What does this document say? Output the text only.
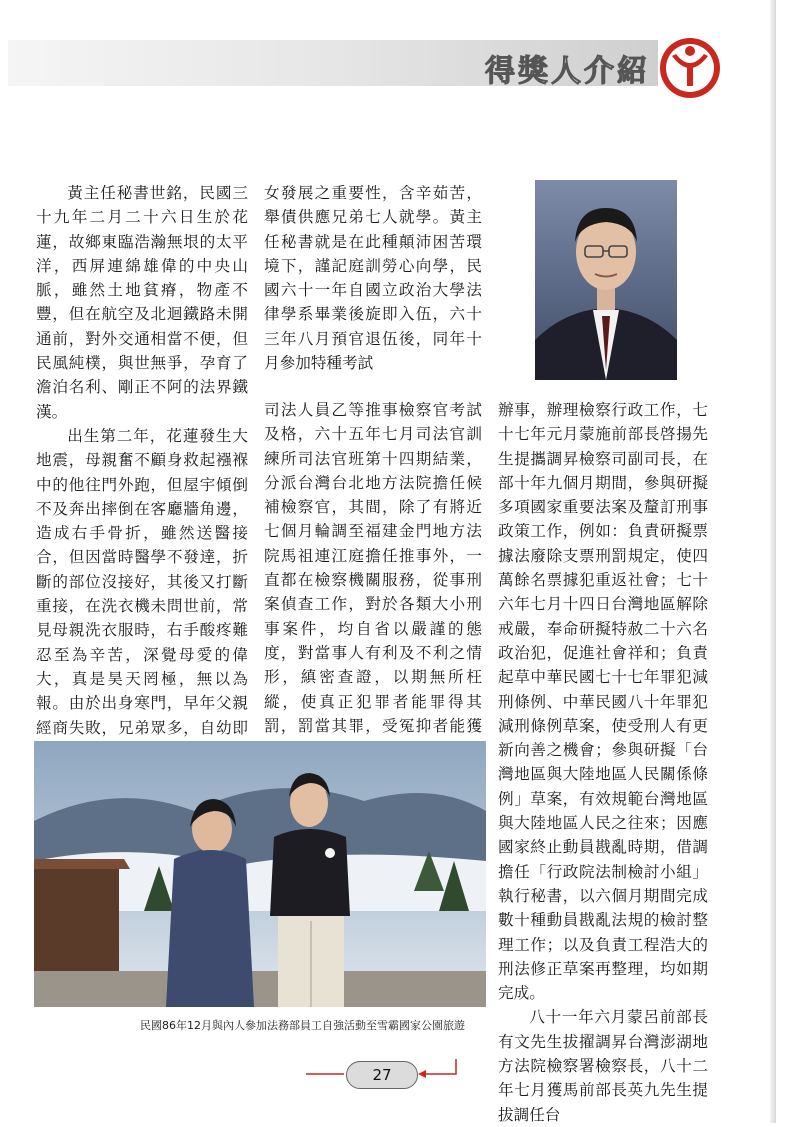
得獎人介紹

黃主任秘書世銘，民國三十九年二月二十六日生於花蓮，故鄉東臨浩瀚無垠的太平洋，西屏連綿雄偉的中央山脈，雖然土地貧瘠，物產不豐，但在航空及北迴鐵路未開通前，對外交通相當不便，但民風純樸，與世無爭，孕育了澹泊名利、剛正不阿的法界鐵漢。

出生第二年，花蓮發生大地震，母親奮不顧身救起襁褓中的他往門外跑，但屋宇傾倒不及奔出摔倒在客廳牆角邊，造成右手骨折，雖然送醫接合，但因當時醫學不發達，折斷的部位沒接好，其後又打斷重接，在洗衣機未問世前，常見母親洗衣服時，右手酸疼難忍至為辛苦，深覺母愛的偉大，真是昊天罔極，無以為報。由於出身寒門，早年父親經商失敗，兄弟眾多，自幼即

女發展之重要性，含辛茹苦，舉債供應兄弟七人就學。黃主任秘書就是在此種顛沛困苦環境下，謹記庭訓勞心向學，民國六十一年自國立政治大學法律學系畢業後旋即入伍，六十三年八月預官退伍後，同年十月參加特種考試

司法人員乙等推事檢察官考試及格，六十五年七月司法官訓練所司法官班第十四期結業，分派台灣台北地方法院擔任候補檢察官，其間，除了有將近七個月輪調至福建金門地方法院馬祖連江庭擔任推事外，一直都在檢察機關服務，從事刑案偵查工作，對於各類大小刑事案件，均自省以嚴謹的態度，對當事人有利及不利之情形，縝密查證，以期無所枉縱，使真正犯罪者能罪得其罰，罰當其罪，受冤抑者能獲

辦事，辦理檢察行政工作，七十七年元月蒙施前部長啓揚先生提攜調昇檢察司副司長，在部十年九個月期間，參與研擬多項國家重要法案及釐訂刑事政策工作，例如：負責研擬票據法廢除支票刑罰規定，使四萬餘名票據犯重返社會；七十六年七月十四日台灣地區解除戒嚴，奉命研擬特赦二十六名政治犯，促進社會祥和；負責起草中華民國七十七年罪犯減刑條例、中華民國八十年罪犯減刑條例草案，使受刑人有更新向善之機會；參與研擬「台灣地區與大陸地區人民關係條例」草案，有效規範台灣地區與大陸地區人民之往來；因應國家終止動員戡亂時期，借調擔任「行政院法制檢討小組」執行秘書，以六個月期間完成數十種動員戡亂法規的檢討整理工作；以及負責工程浩大的刑法修正草案再整理，均如期完成。

八十一年六月蒙呂前部長有文先生拔擢調昇台灣澎湖地方法院檢察署檢察長，八十二年七月獲馬前部長英九先生提拔調任台

民國86年12月與內人參加法務部員工自強活動至雪霸國家公園旅遊
27
